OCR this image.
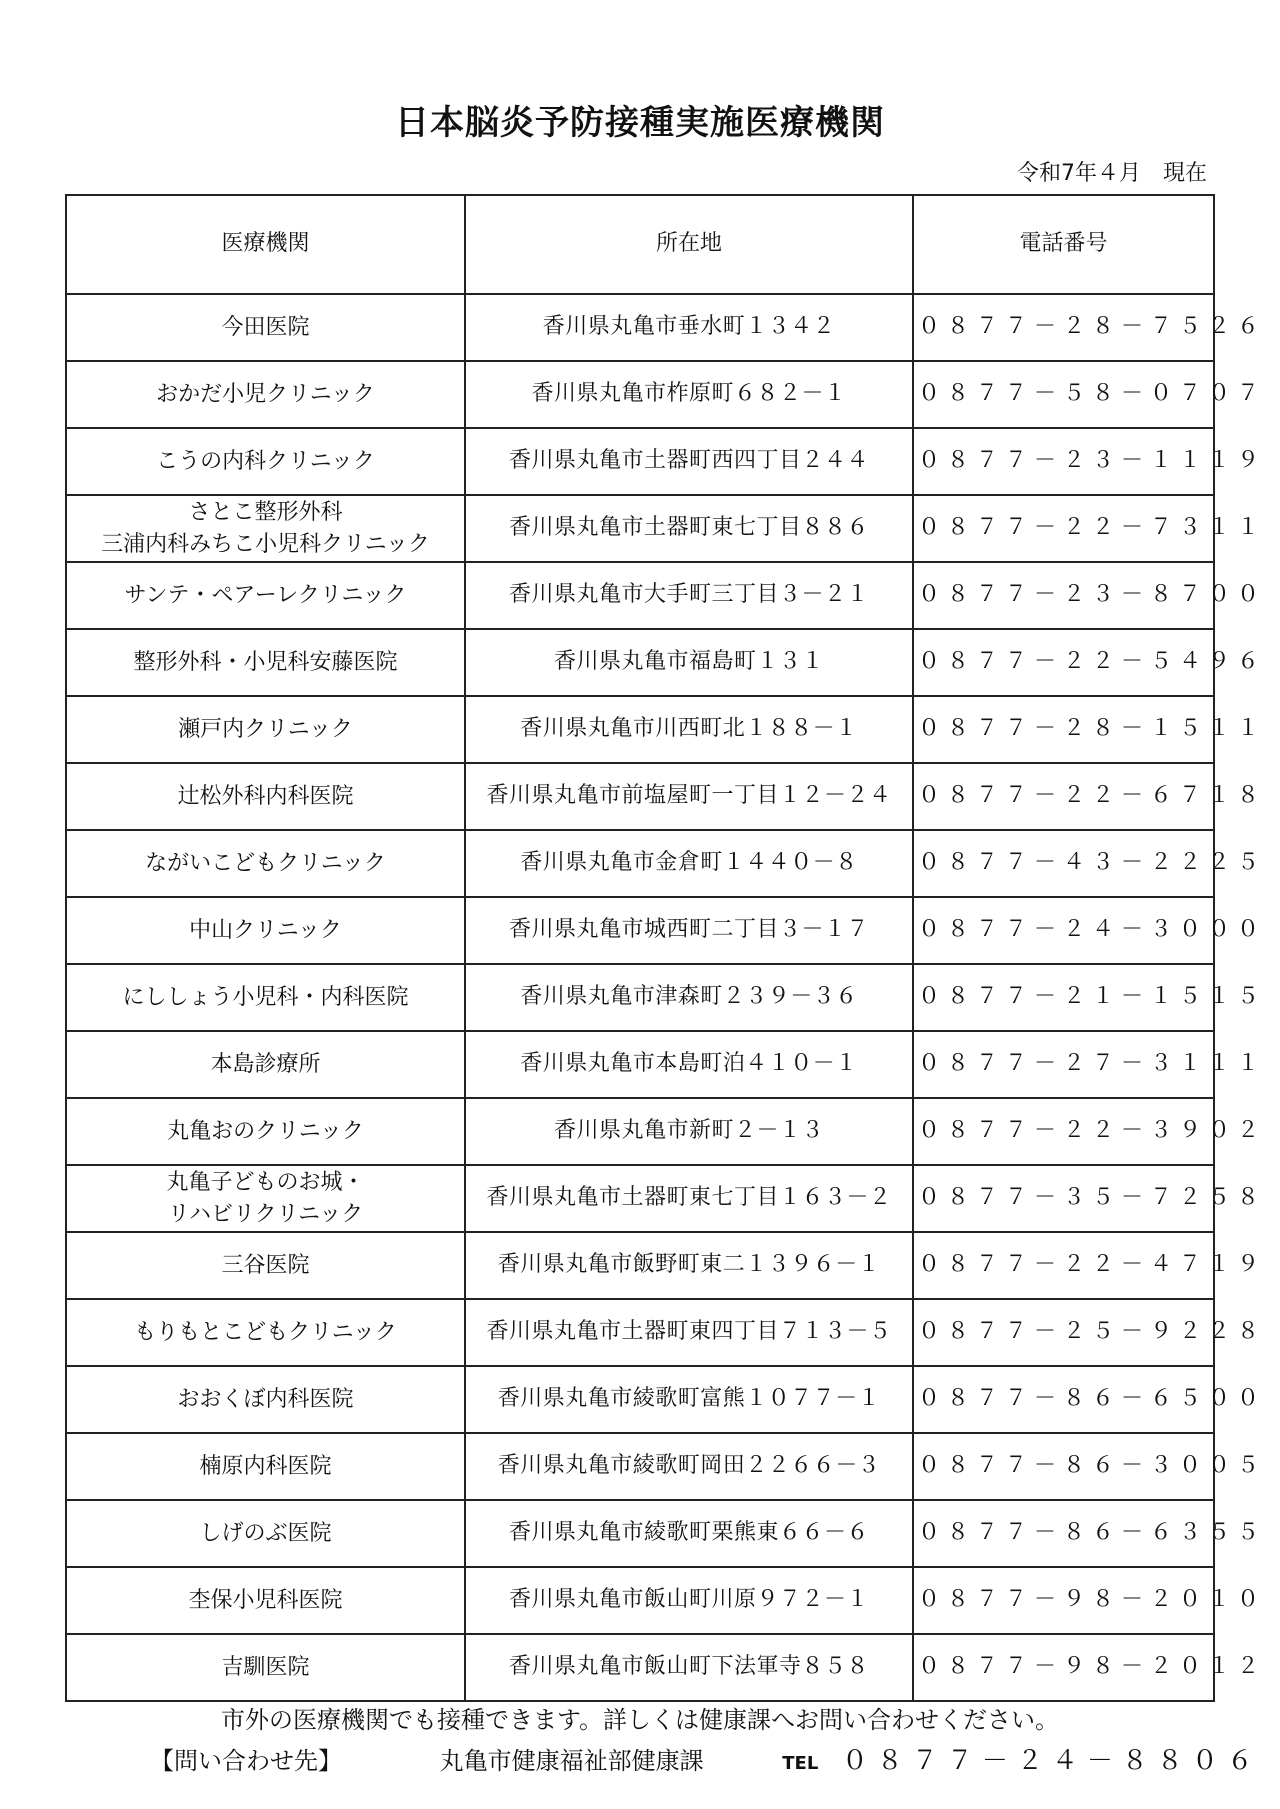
日本脳炎予防接種実施医療機関
令和7年４月　現在
医療機関	所在地	電話番号
今田医院	香川県丸亀市垂水町１３４２	０８７７－２８－７５２６
おかだ小児クリニック	香川県丸亀市柞原町６８２－１	０８７７－５８－０７０７
こうの内科クリニック	香川県丸亀市土器町西四丁目２４４	０８７７－２３－１１１９
さとこ整形外科
三浦内科みちこ小児科クリニック	香川県丸亀市土器町東七丁目８８６	０８７７－２２－７３１１
サンテ・ペアーレクリニック	香川県丸亀市大手町三丁目３－２１	０８７７－２３－８７００
整形外科・小児科安藤医院	香川県丸亀市福島町１３１	０８７７－２２－５４９６
瀬戸内クリニック	香川県丸亀市川西町北１８８－１	０８７７－２８－１５１１
辻松外科内科医院	香川県丸亀市前塩屋町一丁目１２－２４	０８７７－２２－６７１８
ながいこどもクリニック	香川県丸亀市金倉町１４４０－８	０８７７－４３－２２２５
中山クリニック	香川県丸亀市城西町二丁目３－１７	０８７７－２４－３０００
にししょう小児科・内科医院	香川県丸亀市津森町２３９－３６	０８７７－２１－１５１５
本島診療所	香川県丸亀市本島町泊４１０－１	０８７７－２７－３１１１
丸亀おのクリニック	香川県丸亀市新町２－１３	０８７７－２２－３９０２
丸亀子どものお城・
リハビリクリニック	香川県丸亀市土器町東七丁目１６３－２	０８７７－３５－７２５８
三谷医院	香川県丸亀市飯野町東二１３９６－１	０８７７－２２－４７１９
もりもとこどもクリニック	香川県丸亀市土器町東四丁目７１３－５	０８７７－２５－９２２８
おおくぼ内科医院	香川県丸亀市綾歌町富熊１０７７－１	０８７７－８６－６５００
楠原内科医院	香川県丸亀市綾歌町岡田２２６６－３	０８７７－８６－３００５
しげのぶ医院	香川県丸亀市綾歌町栗熊東６６－６	０８７７－８６－６３５５
杢保小児科医院	香川県丸亀市飯山町川原９７２－１	０８７７－９８－２０１０
吉馴医院	香川県丸亀市飯山町下法軍寺８５８	０８７７－９８－２０１２
市外の医療機関でも接種できます。詳しくは健康課へお問い合わせください。
【問い合わせ先】	丸亀市健康福祉部健康課	TEL ０８７７－２４－８８０６
